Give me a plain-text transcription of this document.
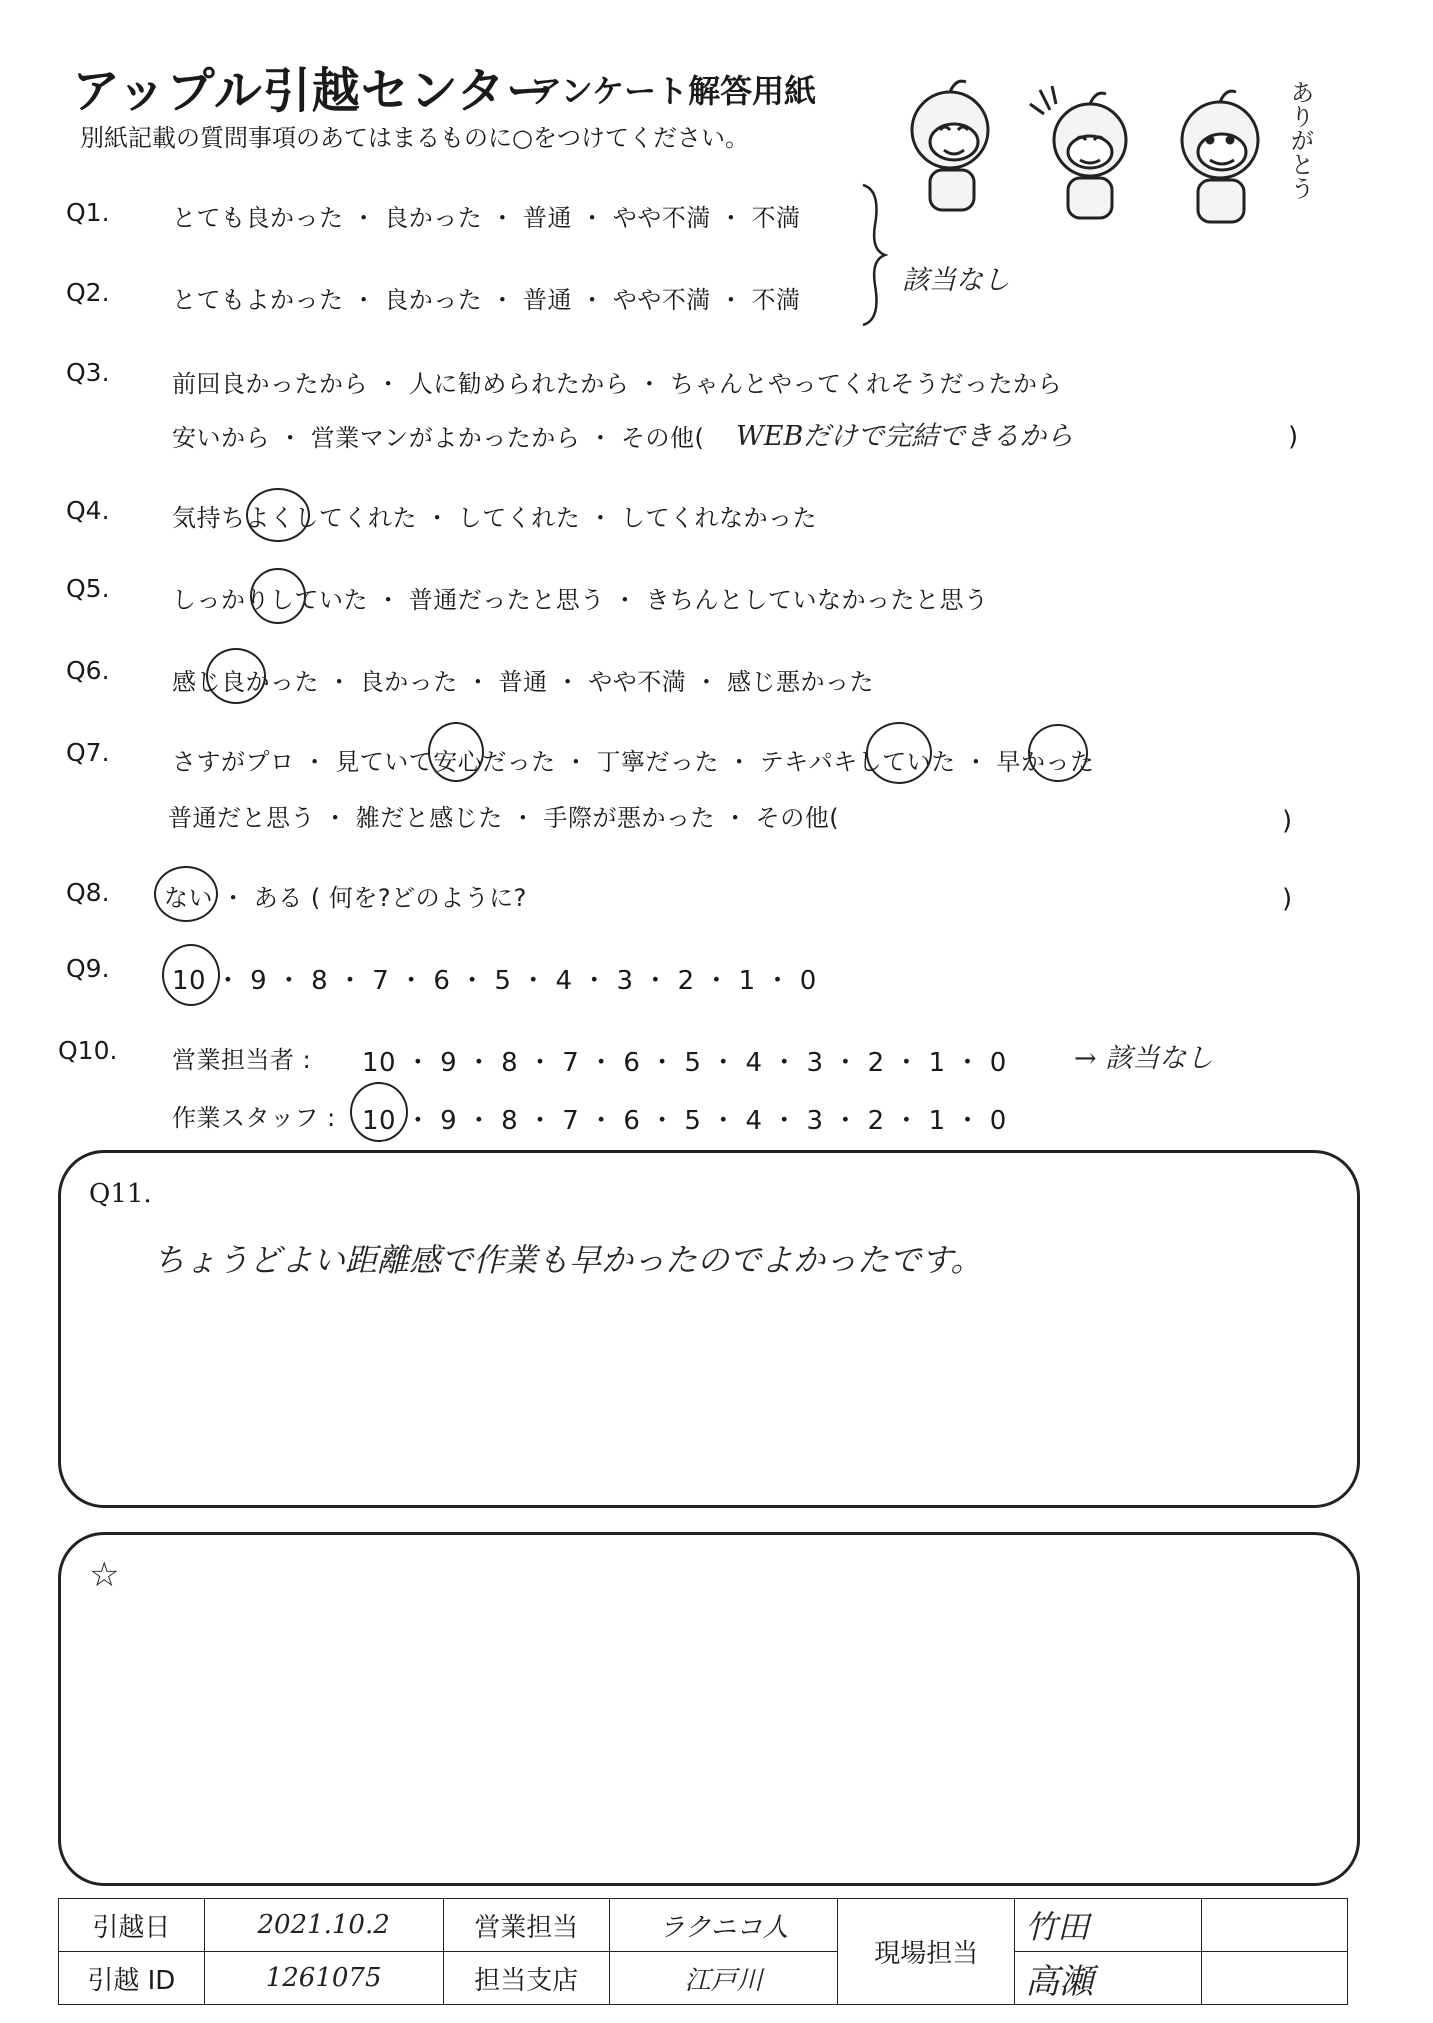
アップル引越センター
アンケート解答用紙
別紙記載の質問事項のあてはまるものに○をつけてください。	ありがとう
Q1.	とても良かった ・ 良かった ・ 普通 ・ やや不満 ・ 不満
Q2.	とてもよかった ・ 良かった ・ 普通 ・ やや不満 ・ 不満
該当なし
Q3.	前回良かったから ・ 人に勧められたから ・ ちゃんとやってくれそうだったから
安いから ・ 営業マンがよかったから ・ その他( WEBだけで完結できるから	)
Q4.	気持ちよくしてくれた ・ してくれた ・ してくれなかった
Q5.	しっかりしていた ・ 普通だったと思う ・ きちんとしていなかったと思う
Q6.	感じ良かった ・ 良かった ・ 普通 ・ やや不満 ・ 感じ悪かった
Q7.	さすがプロ ・ 見ていて安心だった ・ 丁寧だった ・ テキパキしていた ・ 早かった
普通だと思う ・ 雑だと感じた ・ 手際が悪かった ・ その他(	)
Q8. ない ・ ある ( 何を?どのように?	)
Q9. 10 ・ 9 ・ 8 ・ 7 ・ 6 ・ 5 ・ 4 ・ 3 ・ 2 ・ 1 ・ 0
Q10. 営業担当者 : 10 ・ 9 ・ 8 ・ 7 ・ 6 ・ 5 ・ 4 ・ 3 ・ 2 ・ 1 ・ 0 → 該当なし
作業スタッフ : 10 ・ 9 ・ 8 ・ 7 ・ 6 ・ 5 ・ 4 ・ 3 ・ 2 ・ 1 ・ 0
Q11.
ちょうどよい距離感で作業も早かったのでよかったです。
☆
引越日	2021.10.2	営業担当	ラクニコ人	現場担当	竹田	
引越 ID	1261075	担当支店	江戸川		高瀬	
